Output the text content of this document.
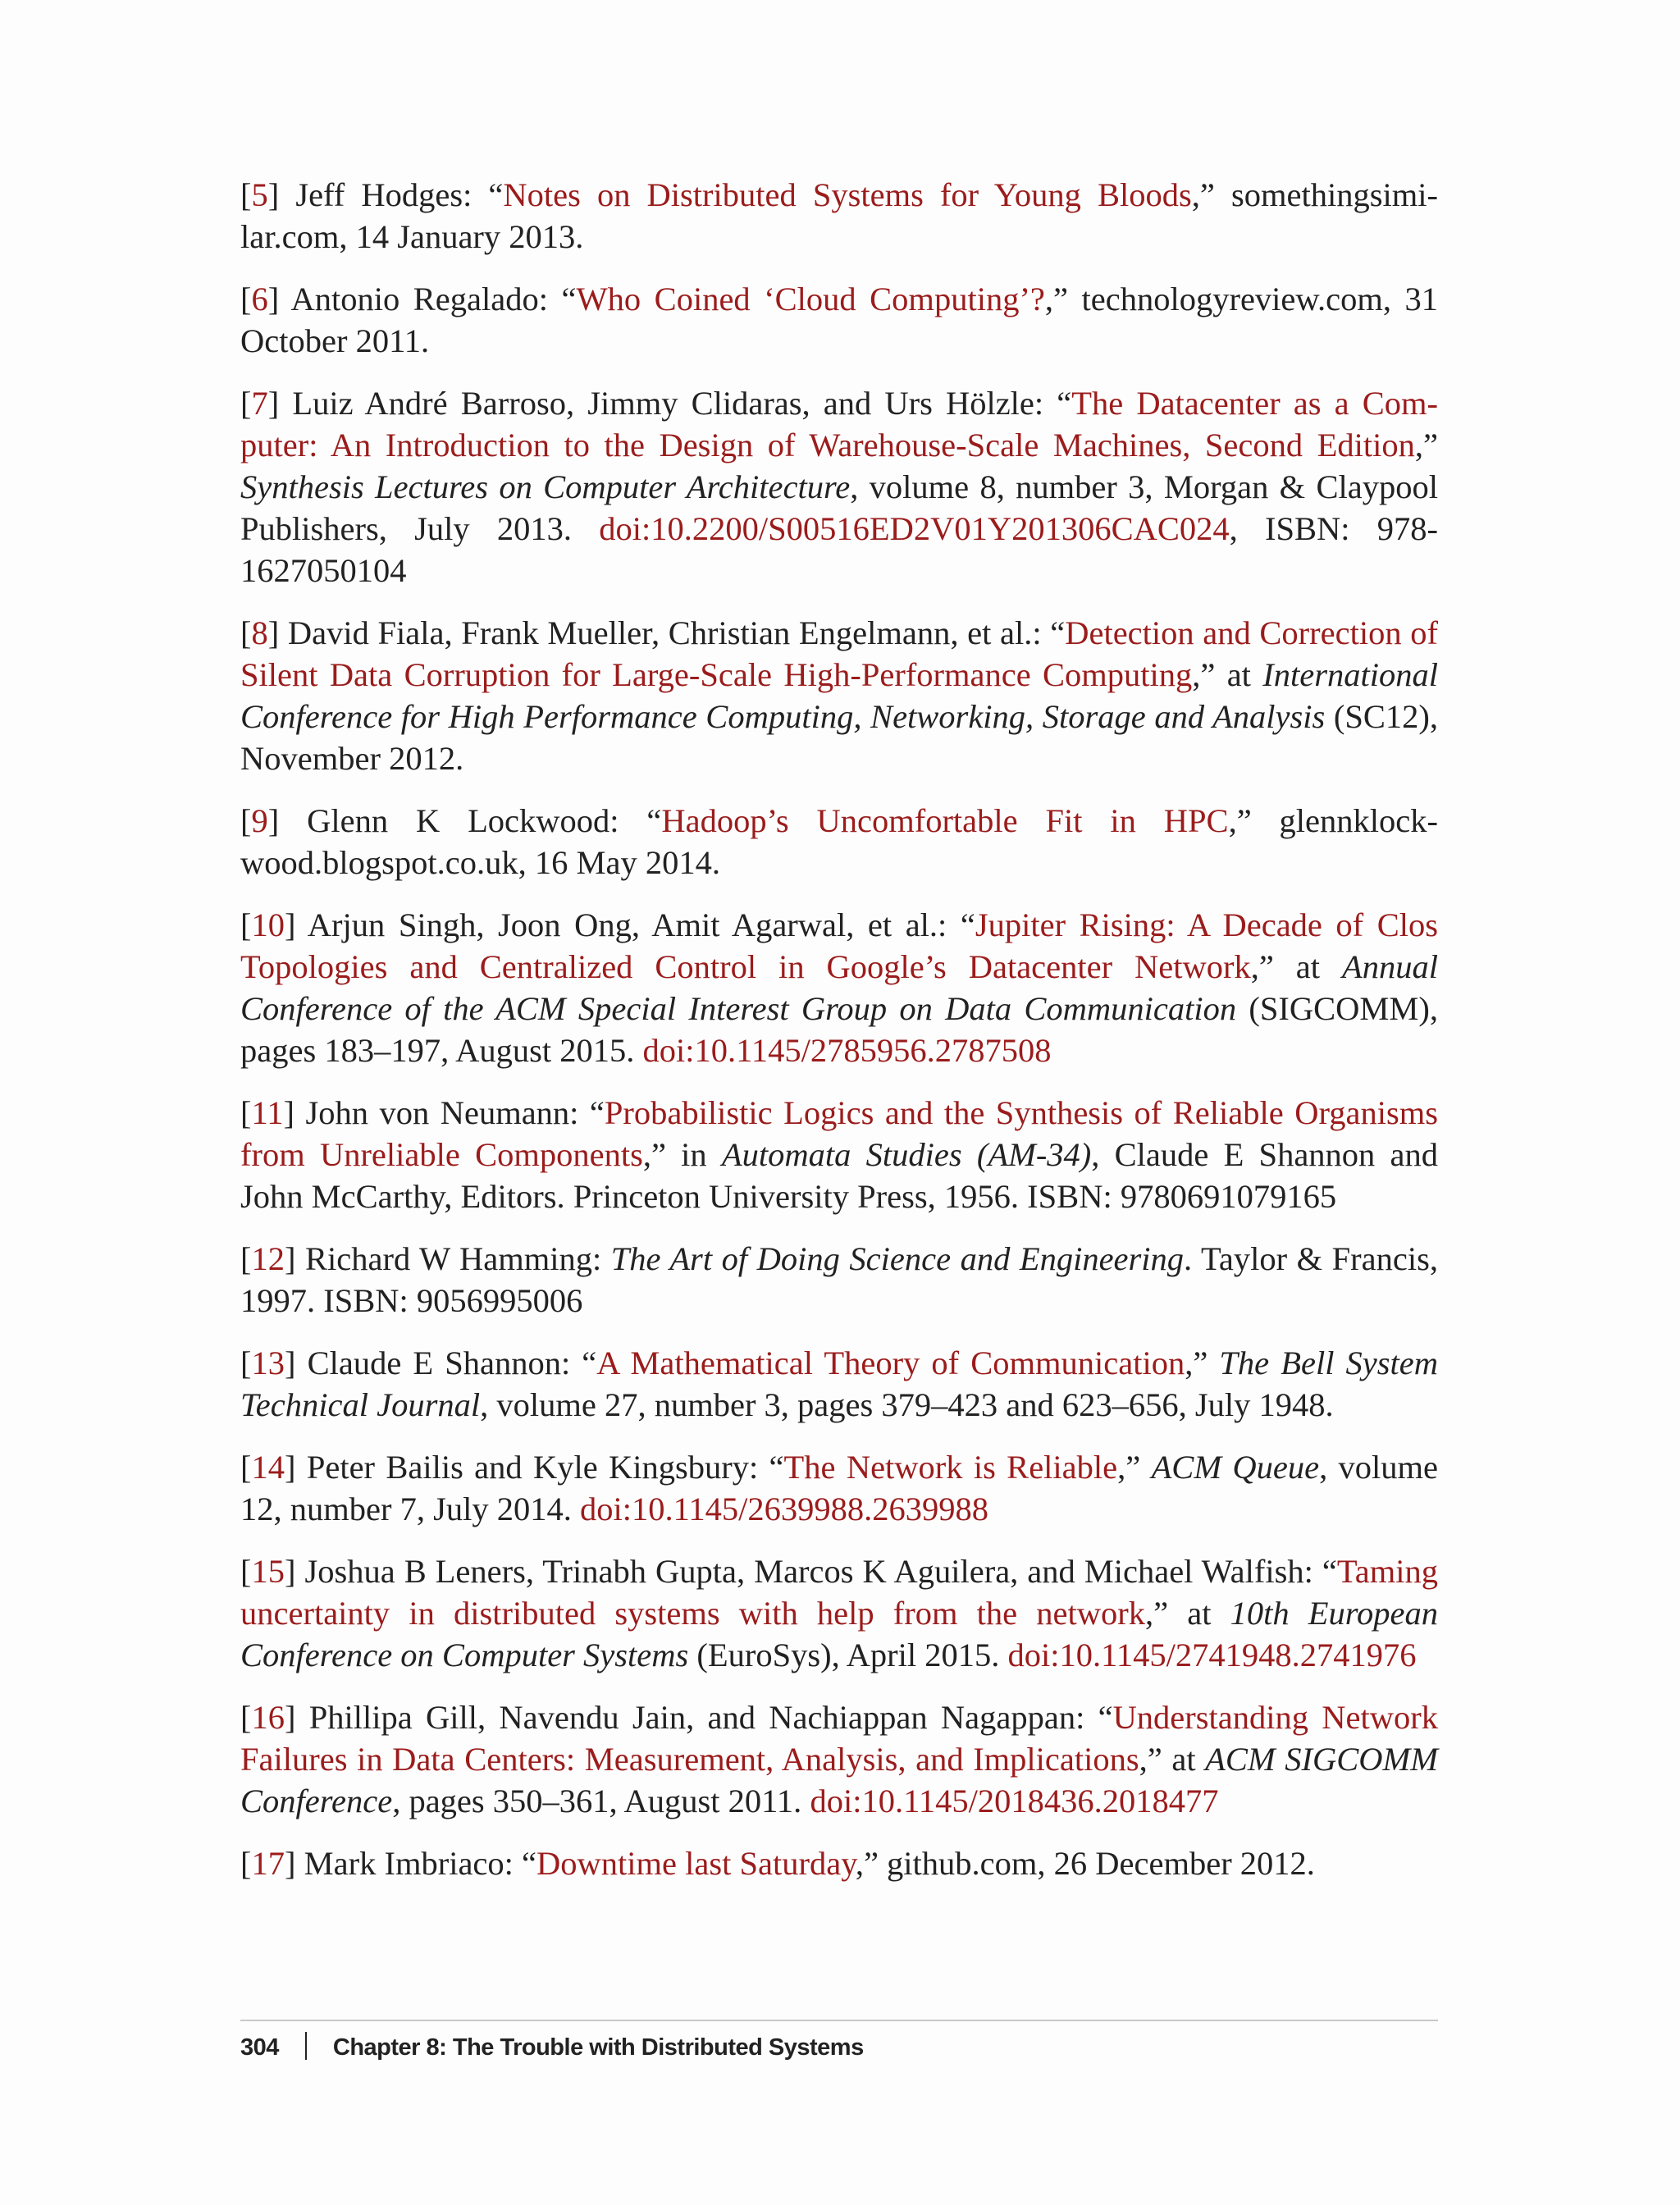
[5] Jeff Hodges: “Notes on Distributed Systems for Young Bloods,” somethingsimilar.com, 14 January 2013.

[6] Antonio Regalado: “Who Coined ‘Cloud Computing’?,” technologyreview.com, 31 October 2011.

[7] Luiz André Barroso, Jimmy Clidaras, and Urs Hölzle: “The Datacenter as a Computer: An Introduction to the Design of Warehouse-Scale Machines, Second Edition,” Synthesis Lectures on Computer Architecture, volume 8, number 3, Morgan & Claypool Publishers, July 2013. doi:10.2200/S00516ED2V01Y201306CAC024, ISBN: 978-1627050104

[8] David Fiala, Frank Mueller, Christian Engelmann, et al.: “Detection and Correction of Silent Data Corruption for Large-Scale High-Performance Computing,” at International Conference for High Performance Computing, Networking, Storage and Analysis (SC12), November 2012.

[9] Glenn K Lockwood: “Hadoop’s Uncomfortable Fit in HPC,” glennklockwood.blogspot.co.uk, 16 May 2014.

[10] Arjun Singh, Joon Ong, Amit Agarwal, et al.: “Jupiter Rising: A Decade of Clos Topologies and Centralized Control in Google’s Datacenter Network,” at Annual Conference of the ACM Special Interest Group on Data Communication (SIGCOMM), pages 183–197, August 2015. doi:10.1145/2785956.2787508

[11] John von Neumann: “Probabilistic Logics and the Synthesis of Reliable Organisms from Unreliable Components,” in Automata Studies (AM-34), Claude E Shannon and John McCarthy, Editors. Princeton University Press, 1956. ISBN: 9780691079165

[12] Richard W Hamming: The Art of Doing Science and Engineering. Taylor & Francis, 1997. ISBN: 9056995006

[13] Claude E Shannon: “A Mathematical Theory of Communication,” The Bell System Technical Journal, volume 27, number 3, pages 379–423 and 623–656, July 1948.

[14] Peter Bailis and Kyle Kingsbury: “The Network is Reliable,” ACM Queue, volume 12, number 7, July 2014. doi:10.1145/2639988.2639988

[15] Joshua B Leners, Trinabh Gupta, Marcos K Aguilera, and Michael Walfish: “Taming uncertainty in distributed systems with help from the network,” at 10th European Conference on Computer Systems (EuroSys), April 2015. doi:10.1145/2741948.2741976

[16] Phillipa Gill, Navendu Jain, and Nachiappan Nagappan: “Understanding Network Failures in Data Centers: Measurement, Analysis, and Implications,” at ACM SIGCOMM Conference, pages 350–361, August 2011. doi:10.1145/2018436.2018477

[17] Mark Imbriaco: “Downtime last Saturday,” github.com, 26 December 2012.

304 Chapter 8: The Trouble with Distributed Systems
